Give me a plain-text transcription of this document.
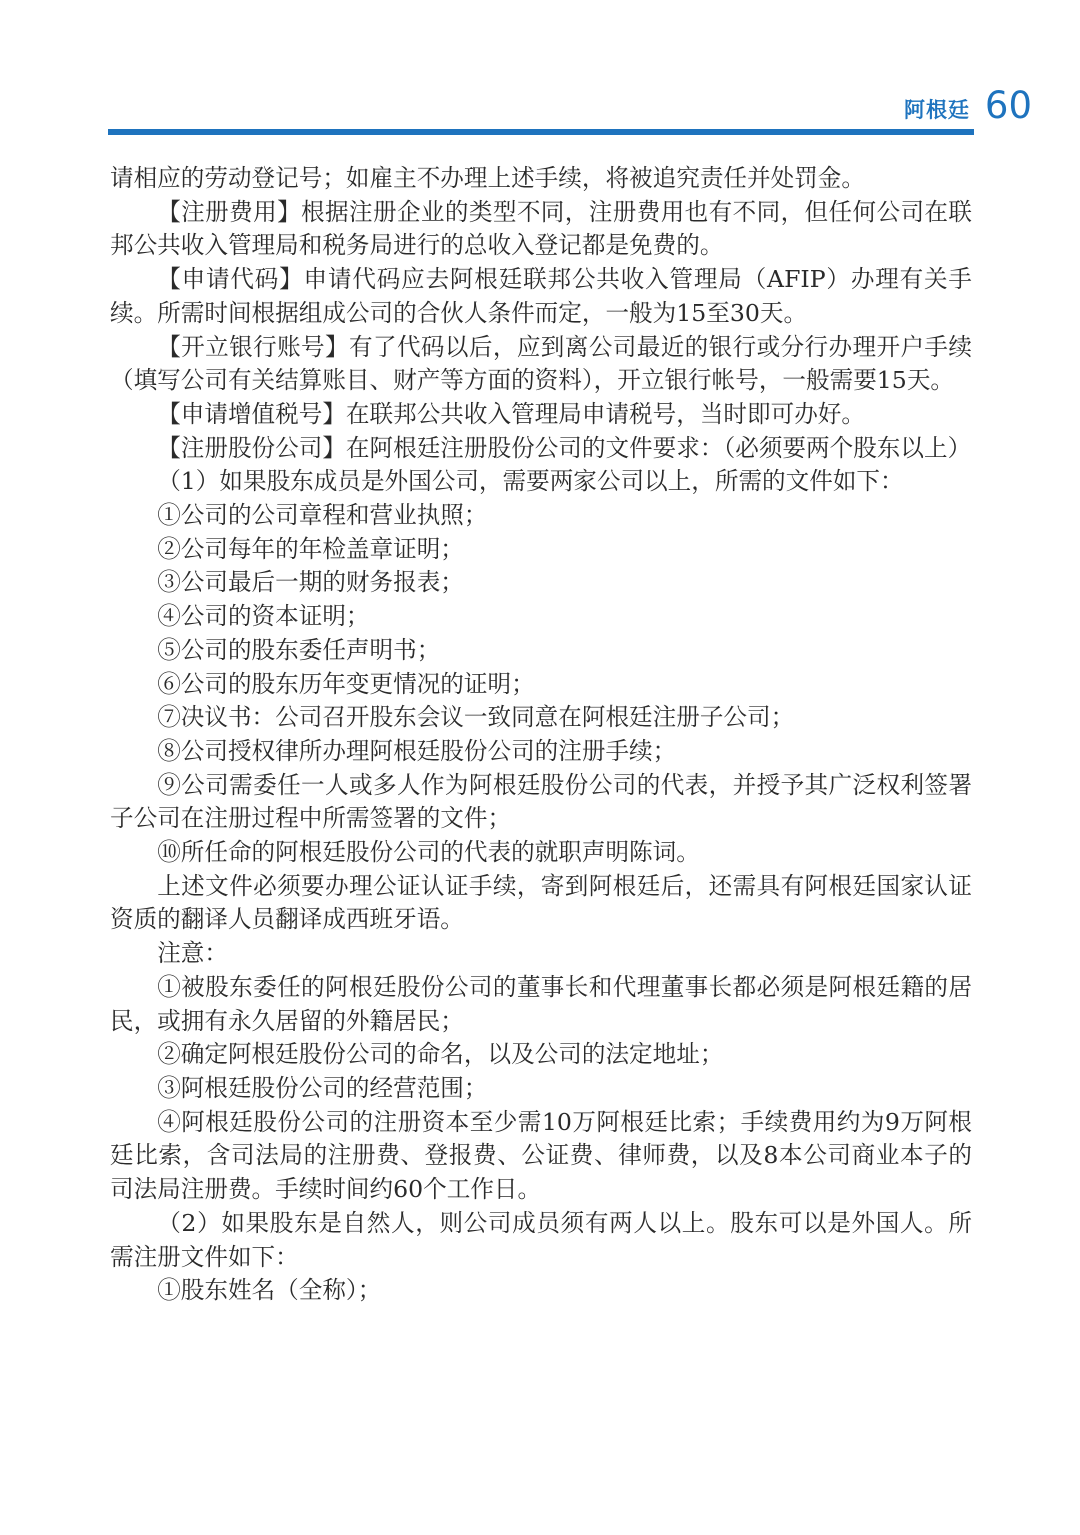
阿根廷 60

请相应的劳动登记号；如雇主不办理上述手续，将被追究责任并处罚金。

【注册费用】根据注册企业的类型不同，注册费用也有不同，但任何公司在联邦公共收入管理局和税务局进行的总收入登记都是免费的。

【申请代码】申请代码应去阿根廷联邦公共收入管理局（AFIP）办理有关手续。所需时间根据组成公司的合伙人条件而定，一般为15至30天。

【开立银行账号】有了代码以后，应到离公司最近的银行或分行办理开户手续（填写公司有关结算账目、财产等方面的资料），开立银行帐号，一般需要15天。

【申请增值税号】在联邦公共收入管理局申请税号，当时即可办好。

【注册股份公司】在阿根廷注册股份公司的文件要求：（必须要两个股东以上）

（1）如果股东成员是外国公司，需要两家公司以上，所需的文件如下：

①公司的公司章程和营业执照；

②公司每年的年检盖章证明；

③公司最后一期的财务报表；

④公司的资本证明；

⑤公司的股东委任声明书；

⑥公司的股东历年变更情况的证明；

⑦决议书：公司召开股东会议一致同意在阿根廷注册子公司；

⑧公司授权律所办理阿根廷股份公司的注册手续；

⑨公司需委任一人或多人作为阿根廷股份公司的代表，并授予其广泛权利签署子公司在注册过程中所需签署的文件；

⑩所任命的阿根廷股份公司的代表的就职声明陈词。

上述文件必须要办理公证认证手续，寄到阿根廷后，还需具有阿根廷国家认证资质的翻译人员翻译成西班牙语。

注意：

①被股东委任的阿根廷股份公司的董事长和代理董事长都必须是阿根廷籍的居民，或拥有永久居留的外籍居民；

②确定阿根廷股份公司的命名，以及公司的法定地址；

③阿根廷股份公司的经营范围；

④阿根廷股份公司的注册资本至少需10万阿根廷比索；手续费用约为9万阿根廷比索，含司法局的注册费、登报费、公证费、律师费，以及8本公司商业本子的司法局注册费。手续时间约60个工作日。

（2）如果股东是自然人，则公司成员须有两人以上。股东可以是外国人。所需注册文件如下：

①股东姓名（全称）；
